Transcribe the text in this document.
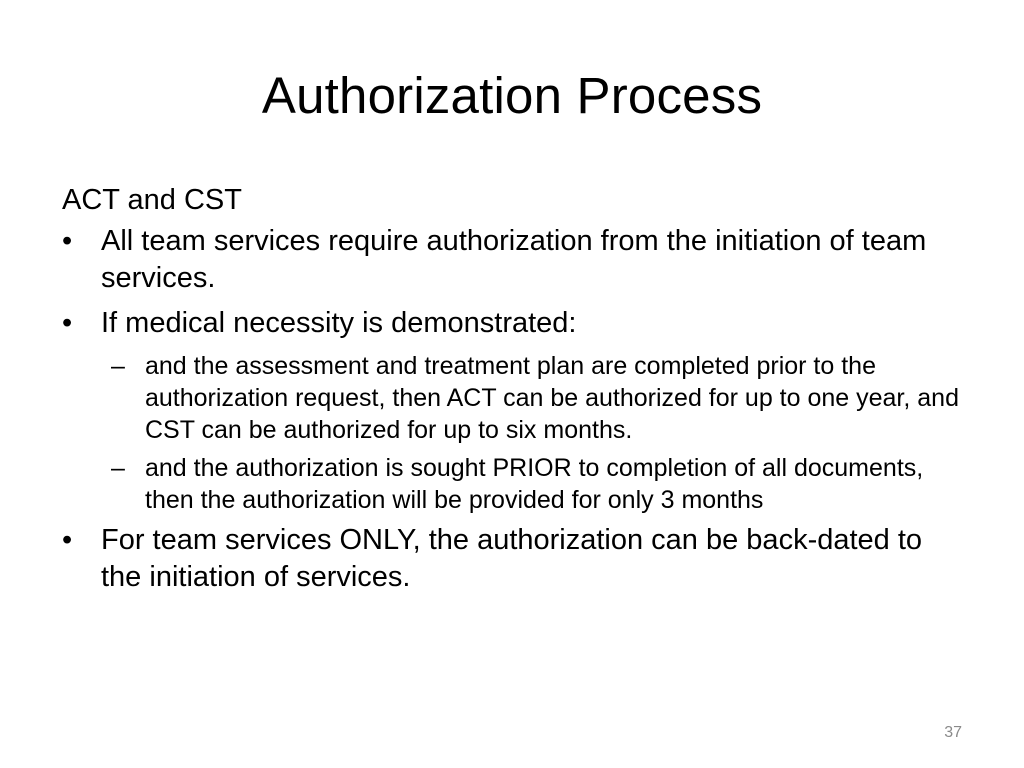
Authorization Process
ACT and CST
• All team services require authorization from the initiation of team services.
• If medical necessity is demonstrated:
– and the assessment and treatment plan are completed prior to the authorization request, then ACT can be authorized for up to one year, and CST can be authorized for up to six months.
– and the authorization is sought PRIOR to completion of all documents, then the authorization will be provided for only 3 months
• For team services ONLY, the authorization can be back-dated to the initiation of services.
37
